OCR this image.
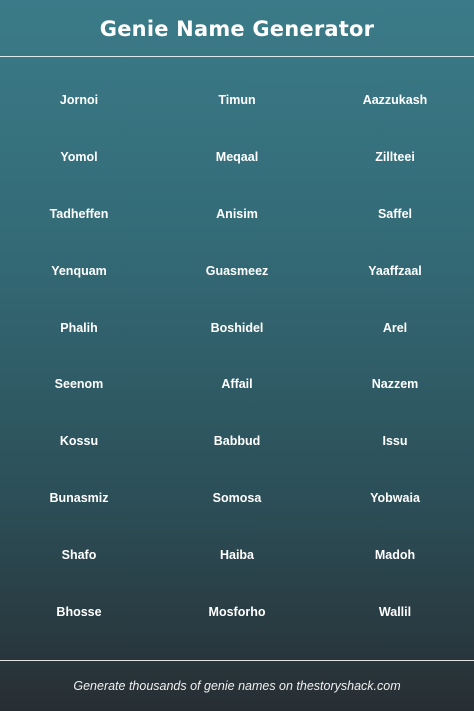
Genie Name Generator
Jornoi	Timun	Aazzukash
Yomol	Meqaal	Zillteei
Tadheffen	Anisim	Saffel
Yenquam	Guasmeez	Yaaffzaal
Phalih	Boshidel	Arel
Seenom	Affail	Nazzem
Kossu	Babbud	Issu
Bunasmiz	Somosa	Yobwaia
Shafo	Haiba	Madoh
Bhosse	Mosforho	Wallil
Generate thousands of genie names on thestoryshack.com
